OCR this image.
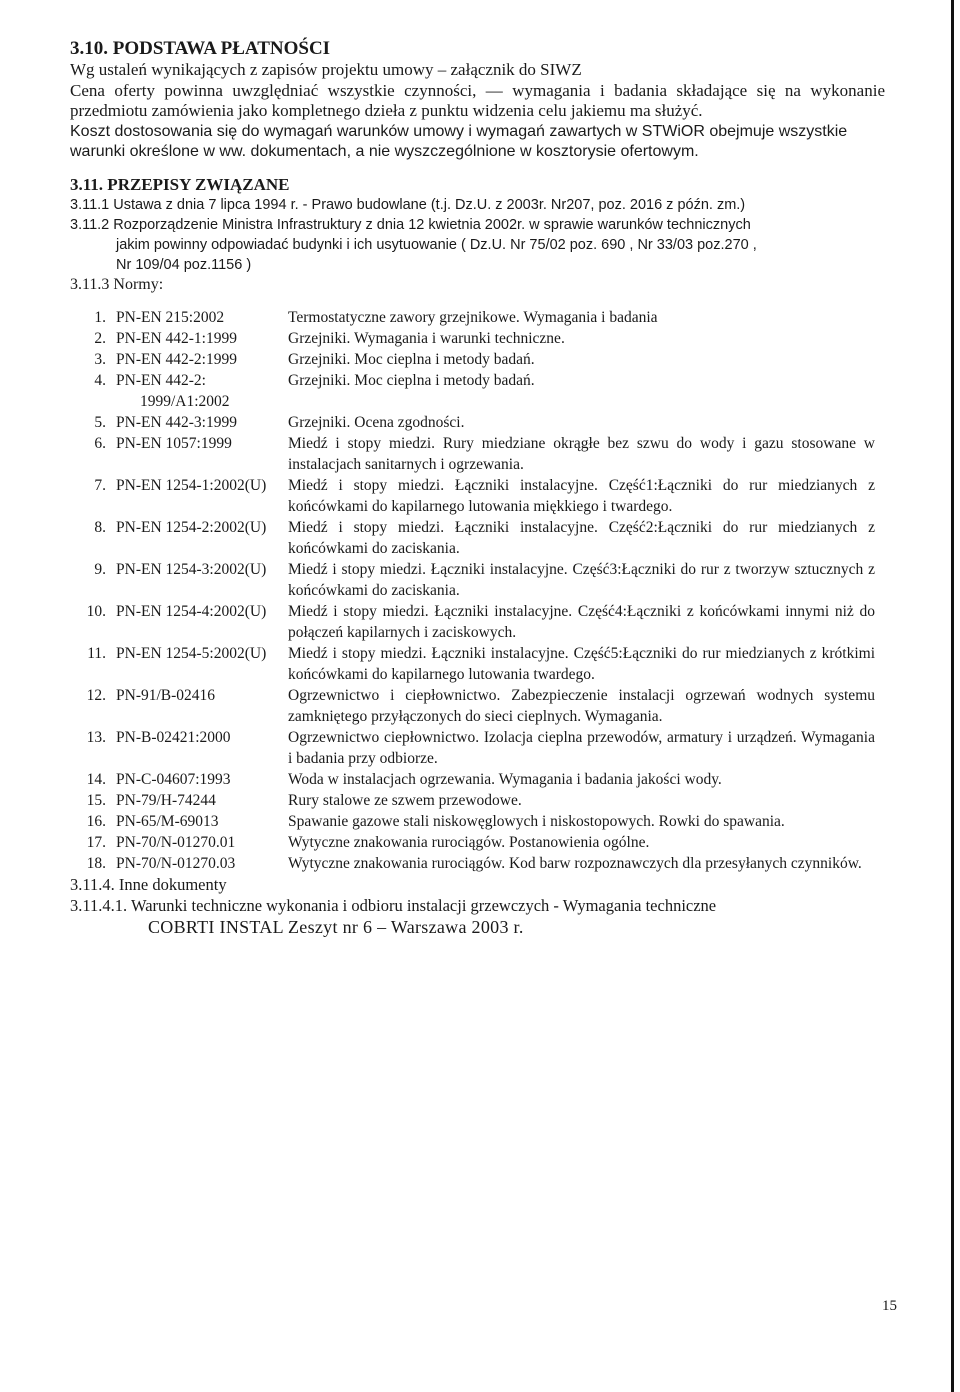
3.10. PODSTAWA PŁATNOŚCI

Wg ustaleń wynikających z zapisów projektu umowy – załącznik do SIWZ

Cena oferty powinna uwzględniać wszystkie czynności, — wymagania i badania składające się na wykonanie przedmiotu zamówienia jako kompletnego dzieła z punktu widzenia celu jakiemu ma służyć.

Koszt dostosowania się do wymagań warunków umowy i wymagań zawartych w STWiOR obejmuje wszystkie warunki określone w ww. dokumentach, a nie wyszczególnione w kosztorysie ofertowym.

3.11. PRZEPISY ZWIĄZANE

3.11.1 Ustawa z dnia 7 lipca 1994 r. - Prawo budowlane (t.j. Dz.U. z 2003r. Nr207, poz. 2016 z późn. zm.)

3.11.2 Rozporządzenie Ministra Infrastruktury z dnia 12 kwietnia 2002r. w sprawie warunków technicznych
jakim powinny odpowiadać budynki i ich usytuowanie ( Dz.U. Nr 75/02 poz. 690 , Nr 33/03 poz.270 ,
Nr 109/04 poz.1156 )

3.11.3 Normy:

1.	PN-EN 215:2002	Termostatyczne zawory grzejnikowe. Wymagania i badania
2.	PN-EN 442-1:1999	Grzejniki. Wymagania i warunki techniczne.
3.	PN-EN 442-2:1999	Grzejniki. Moc cieplna i metody badań.
4.	PN-EN 442-2: 1999/A1:2002	Grzejniki. Moc cieplna i metody badań.
5.	PN-EN 442-3:1999	Grzejniki. Ocena zgodności.
6.	PN-EN 1057:1999	Miedź i stopy miedzi. Rury miedziane okrągłe bez szwu do wody i gazu stosowane w instalacjach sanitarnych i ogrzewania.
7.	PN-EN 1254-1:2002(U)	Miedź i stopy miedzi. Łączniki instalacyjne. Część1:Łączniki do rur miedzianych z końcówkami do kapilarnego lutowania miękkiego i twardego.
8.	PN-EN 1254-2:2002(U)	Miedź i stopy miedzi. Łączniki instalacyjne. Część2:Łączniki do rur miedzianych z końcówkami do zaciskania.
9.	PN-EN 1254-3:2002(U)	Miedź i stopy miedzi. Łączniki instalacyjne. Część3:Łączniki do rur z tworzyw sztucznych z końcówkami do zaciskania.
10.	PN-EN 1254-4:2002(U)	Miedź i stopy miedzi. Łączniki instalacyjne. Część4:Łączniki z końcówkami innymi niż do połączeń kapilarnych i zaciskowych.
11.	PN-EN 1254-5:2002(U)	Miedź i stopy miedzi. Łączniki instalacyjne. Część5:Łączniki do rur miedzianych z krótkimi końcówkami do kapilarnego lutowania twardego.
12.	PN-91/B-02416	Ogrzewnictwo i ciepłownictwo. Zabezpieczenie instalacji ogrzewań wodnych systemu zamkniętego przyłączonych do sieci cieplnych. Wymagania.
13.	PN-B-02421:2000	Ogrzewnictwo ciepłownictwo. Izolacja cieplna przewodów, armatury i urządzeń. Wymagania i badania przy odbiorze.
14.	PN-C-04607:1993	Woda w instalacjach ogrzewania. Wymagania i badania jakości wody.
15.	PN-79/H-74244	Rury stalowe ze szwem przewodowe.
16.	PN-65/M-69013	Spawanie gazowe stali niskowęglowych i niskostopowych. Rowki do spawania.
17.	PN-70/N-01270.01	Wytyczne znakowania rurociągów. Postanowienia ogólne.
18.	PN-70/N-01270.03	Wytyczne znakowania rurociągów. Kod barw rozpoznawczych dla przesyłanych czynników.

3.11.4. Inne dokumenty

3.11.4.1. Warunki techniczne wykonania i odbioru instalacji grzewczych - Wymagania techniczne

COBRTI INSTAL Zeszyt nr 6 – Warszawa 2003 r.

15
